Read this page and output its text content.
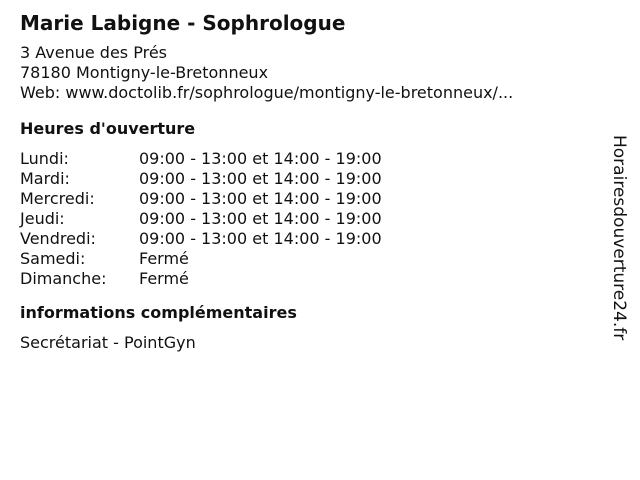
Marie Labigne - Sophrologue
3 Avenue des Prés
78180 Montigny-le-Bretonneux
Web: www.doctolib.fr/sophrologue/montigny-le-bretonneux/...
Heures d'ouverture
Lundi:	09:00 - 13:00 et 14:00 - 19:00
Mardi:	09:00 - 13:00 et 14:00 - 19:00
Mercredi:	09:00 - 13:00 et 14:00 - 19:00
Jeudi:	09:00 - 13:00 et 14:00 - 19:00
Vendredi:	09:00 - 13:00 et 14:00 - 19:00
Samedi:	Fermé
Dimanche:	Fermé
informations complémentaires
Secrétariat - PointGyn
Horairesdouverture24.fr
